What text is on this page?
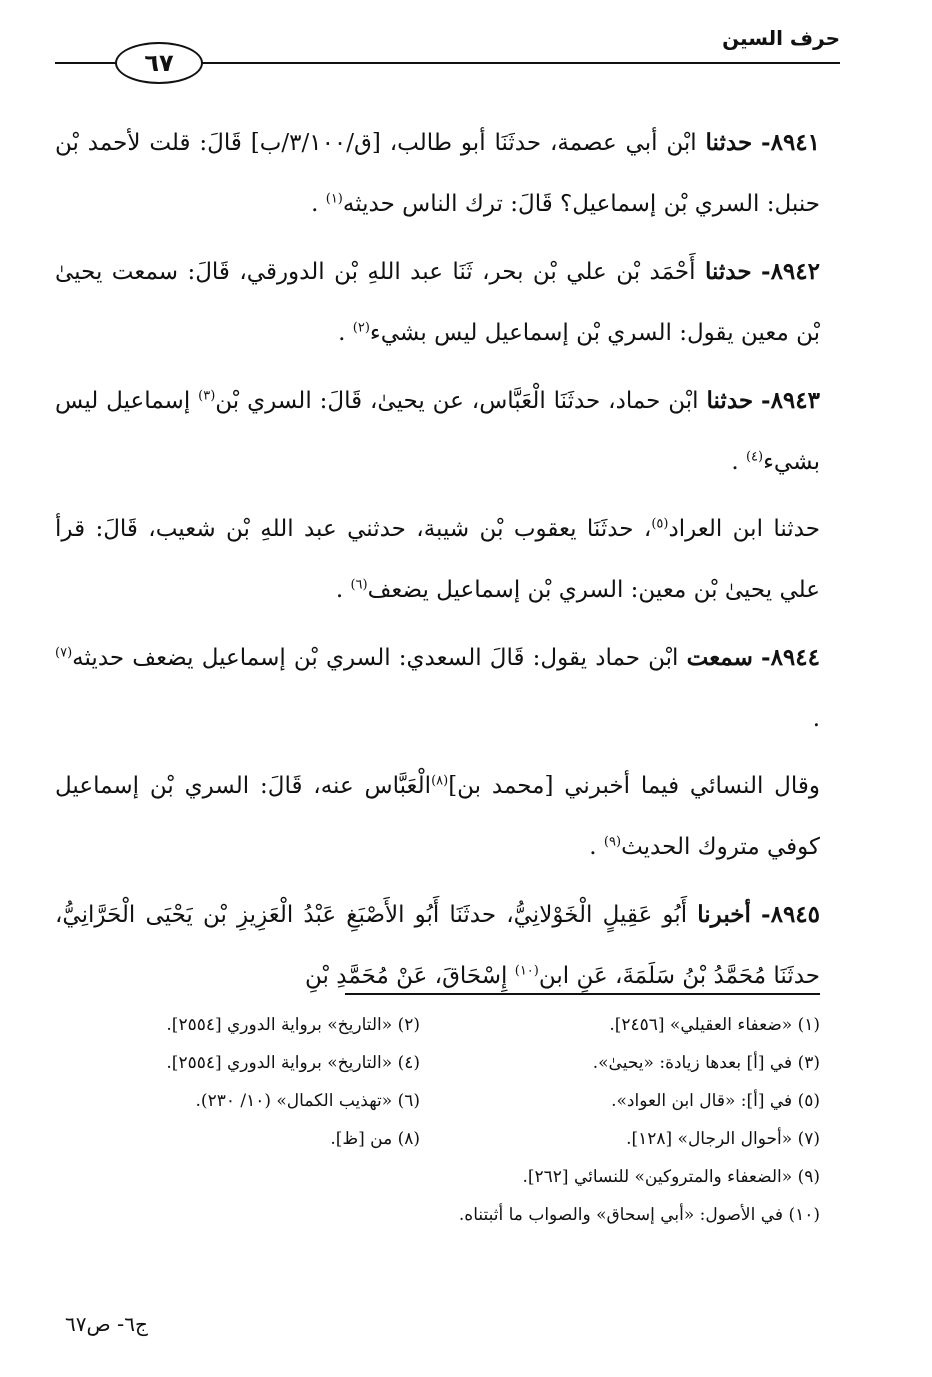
حرف السين
٦٧

٨٩٤١- حدثنا ابْن أبي عصمة، حدثَنَا أبو طالب، [ق/٣/١٠٠/ب] قَالَ: قلت لأحمد بْن حنبل: السري بْن إسماعيل؟ قَالَ: ترك الناس حديثه$^{(١)}$ .

٨٩٤٢- حدثنا أَحْمَد بْن علي بْن بحر، ثَنَا عبد اللهِ بْن الدورقي، قَالَ: سمعت يحيىٰ بْن معين يقول: السري بْن إسماعيل ليس بشيء$^{(٢)}$ .

٨٩٤٣- حدثنا ابْن حماد، حدثَنَا الْعَبَّاس، عن يحيىٰ، قَالَ: السري بْن$^{(٣)}$ إسماعيل ليس بشيء$^{(٤)}$ .

حدثنا ابن العراد$^{(٥)}$، حدثَنَا يعقوب بْن شيبة، حدثني عبد اللهِ بْن شعيب، قَالَ: قرأ علي يحيىٰ بْن معين: السري بْن إسماعيل يضعف$^{(٦)}$ .

٨٩٤٤- سمعت ابْن حماد يقول: قَالَ السعدي: السري بْن إسماعيل يضعف حديثه$^{(٧)}$ .

وقال النسائي فيما أخبرني [محمد بن]$^{(٨)}$الْعَبَّاس عنه، قَالَ: السري بْن إسماعيل كوفي متروك الحديث$^{(٩)}$ .

٨٩٤٥- أخبرنا أَبُو عَقِيلٍ الْخَوْلانِيُّ، حدثَنَا أَبُو الأَصْبَغِ عَبْدُ الْعَزِيزِ بْن يَحْيَى الْحَرَّانِيُّ، حدثَنَا مُحَمَّدُ بْنُ سَلَمَةَ، عَنِ ابن$^{(١٠)}$ إِسْحَاقَ، عَنْ مُحَمَّدِ بْنِ

(١) «ضعفاء العقيلي» [٢٤٥٦].
(٢) «التاريخ» برواية الدوري [٢٥٥٤].
(٣) في [أ] بعدها زيادة: «يحيىٰ».
(٤) «التاريخ» برواية الدوري [٢٥٥٤].
(٥) في [أ]: «قال ابن العواد».
(٦) «تهذيب الكمال» (١٠/ ٢٣٠).
(٧) «أحوال الرجال» [١٢٨].
(٨) من [ظ].
(٩) «الضعفاء والمتروكين» للنسائي [٢٦٢].
(١٠) في الأصول: «أبي إسحاق» والصواب ما أثبتناه.
ج٦- ص٦٧
